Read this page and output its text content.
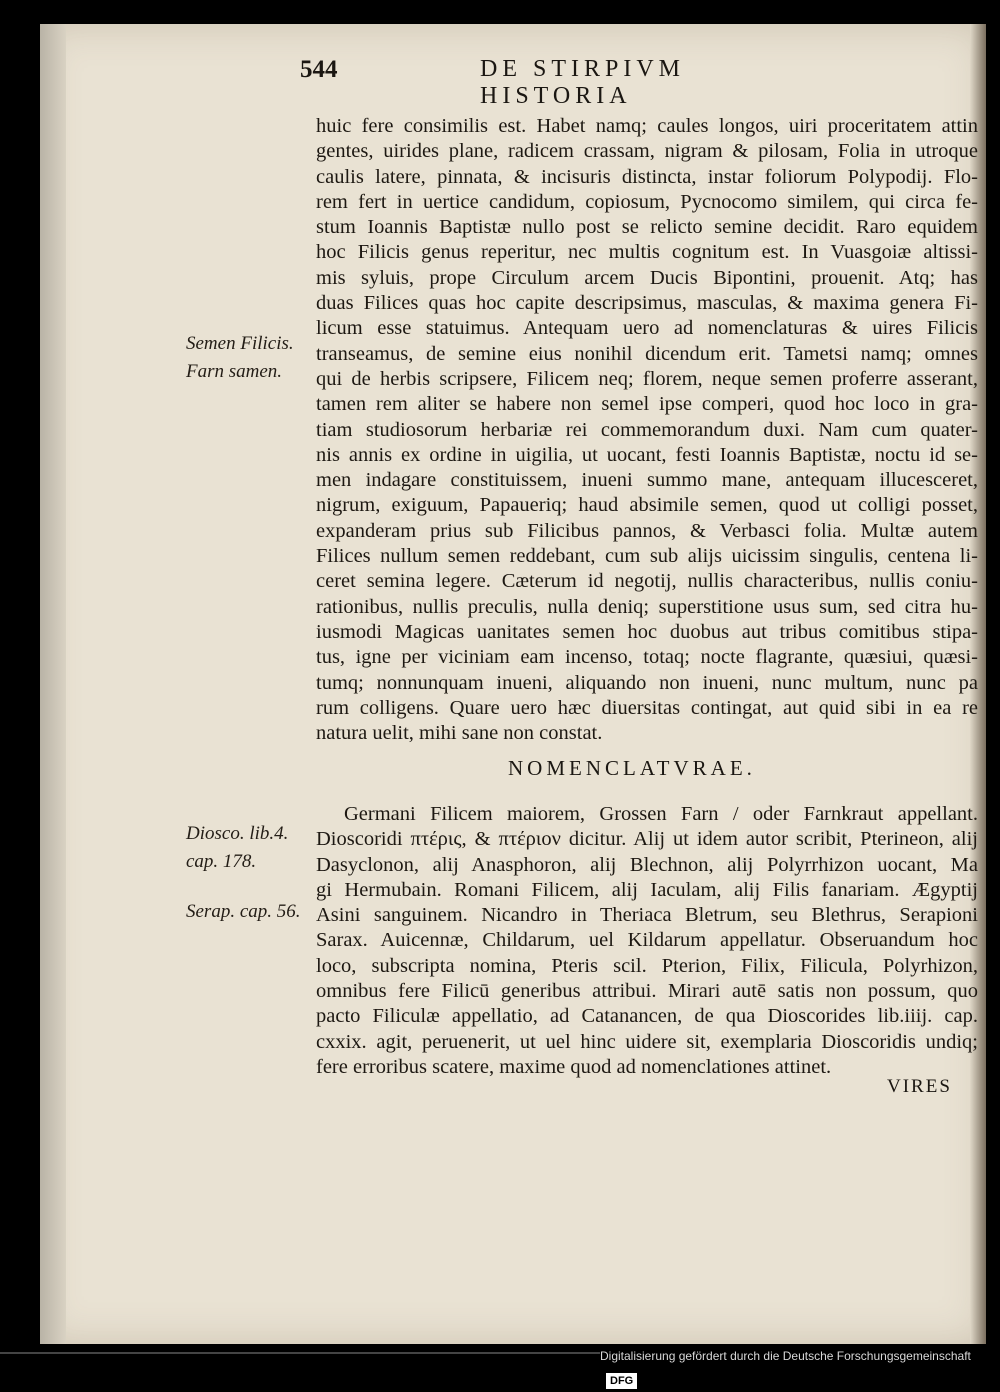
544	DE STIRPIVM HISTORIA
Semen Filicis.
Farn samen.
Diosco. lib.4.
cap. 178.
Serap. cap. 56.
huic fere consimilis est. Habet namq; caules longos, uiri proceritatem attin
gentes, uirides plane, radicem crassam, nigram & pilosam, Folia in utroque
caulis latere, pinnata, & incisuris distincta, instar foliorum Polypodij. Flo-
rem fert in uertice candidum, copiosum, Pycnocomo similem, qui circa fe-
stum Ioannis Baptistæ nullo post se relicto semine decidit. Raro equidem
hoc Filicis genus reperitur, nec multis cognitum est. In Vuasgoiæ altissi-
mis syluis, prope Circulum arcem Ducis Bipontini, prouenit. Atq; has
duas Filices quas hoc capite descripsimus, masculas, & maxima genera Fi-
licum esse statuimus. Antequam uero ad nomenclaturas & uires Filicis
transeamus, de semine eius nonihil dicendum erit. Tametsi namq; omnes
qui de herbis scripsere, Filicem neq; florem, neque semen proferre asserant,
tamen rem aliter se habere non semel ipse comperi, quod hoc loco in gra-
tiam studiosorum herbariæ rei commemorandum duxi. Nam cum quater-
nis annis ex ordine in uigilia, ut uocant, festi Ioannis Baptistæ, noctu id se-
men indagare constituissem, inueni summo mane, antequam illucesceret,
nigrum, exiguum, Papaueriq; haud absimile semen, quod ut colligi posset,
expanderam prius sub Filicibus pannos, & Verbasci folia. Multæ autem
Filices nullum semen reddebant, cum sub alijs uicissim singulis, centena li-
ceret semina legere. Cæterum id negotij, nullis characteribus, nullis coniu-
rationibus, nullis preculis, nulla deniq; superstitione usus sum, sed citra hu-
iusmodi Magicas uanitates semen hoc duobus aut tribus comitibus stipa-
tus, igne per viciniam eam incenso, totaq; nocte flagrante, quæsiui, quæsi-
tumq; nonnunquam inueni, aliquando non inueni, nunc multum, nunc pa
rum colligens. Quare uero hæc diuersitas contingat, aut quid sibi in ea re
natura uelit, mihi sane non constat.
NOMENCLATVRAE.
Germani Filicem maiorem, Grossen Farn / oder Farnkraut appellant.
Dioscoridi πτέρις, & πτέριον dicitur. Alij ut idem autor scribit, Pterineon, alij
Dasyclonon, alij Anasphoron, alij Blechnon, alij Polyrrhizon uocant, Ma
gi Hermubain. Romani Filicem, alij Iaculam, alij Filis fanariam. Ægyptij
Asini sanguinem. Nicandro in Theriaca Bletrum, seu Blethrus, Serapioni
Sarax. Auicennæ, Childarum, uel Kildarum appellatur. Obseruandum hoc
loco, subscripta nomina, Pteris scil. Pterion, Filix, Filicula, Polyrhizon,
omnibus fere Filicū generibus attribui. Mirari autē satis non possum, quo
pacto Filiculæ appellatio, ad Catanancen, de qua Dioscorides lib.iiij. cap.
cxxix. agit, peruenerit, ut uel hinc uidere sit, exemplaria Dioscoridis undiq;
fere erroribus scatere, maxime quod ad nomenclationes attinet.
VIRES
Digitalisierung gefördert durch die Deutsche Forschungsgemeinschaft DFG
